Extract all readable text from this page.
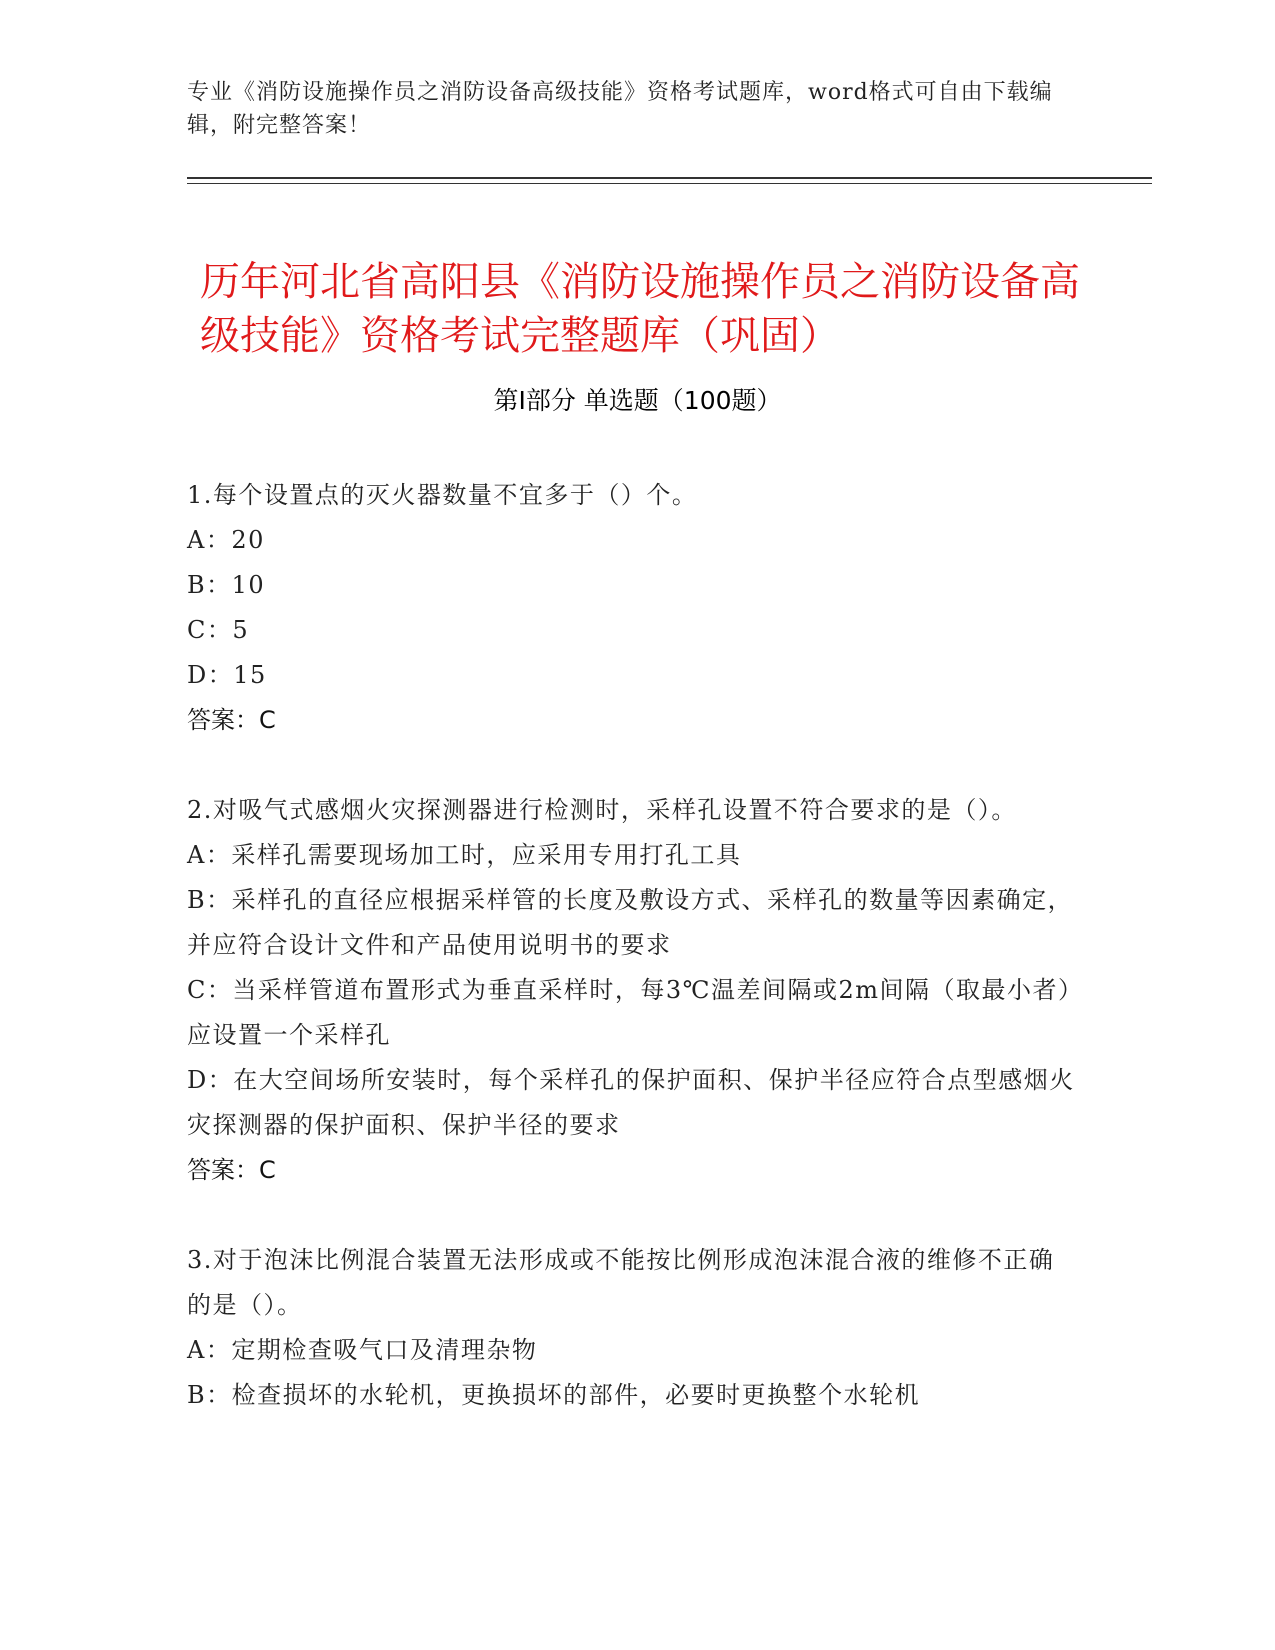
专业《消防设施操作员之消防设备高级技能》资格考试题库，word格式可自由下载编辑，附完整答案！
历年河北省高阳县《消防设施操作员之消防设备高级技能》资格考试完整题库（巩固）
第Ⅰ部分 单选题（100题）

1.每个设置点的灭火器数量不宜多于（）个。

A：20

B：10

C：5

D：15

答案：C

2.对吸气式感烟火灾探测器进行检测时，采样孔设置不符合要求的是（）。

A：采样孔需要现场加工时，应采用专用打孔工具

B：采样孔的直径应根据采样管的长度及敷设方式、采样孔的数量等因素确定，并应符合设计文件和产品使用说明书的要求

C：当采样管道布置形式为垂直采样时，每3℃温差间隔或2m间隔（取最小者）应设置一个采样孔

D：在大空间场所安装时，每个采样孔的保护面积、保护半径应符合点型感烟火灾探测器的保护面积、保护半径的要求

答案：C

3.对于泡沫比例混合装置无法形成或不能按比例形成泡沫混合液的维修不正确的是（）。

A：定期检查吸气口及清理杂物

B：检查损坏的水轮机，更换损坏的部件，必要时更换整个水轮机
